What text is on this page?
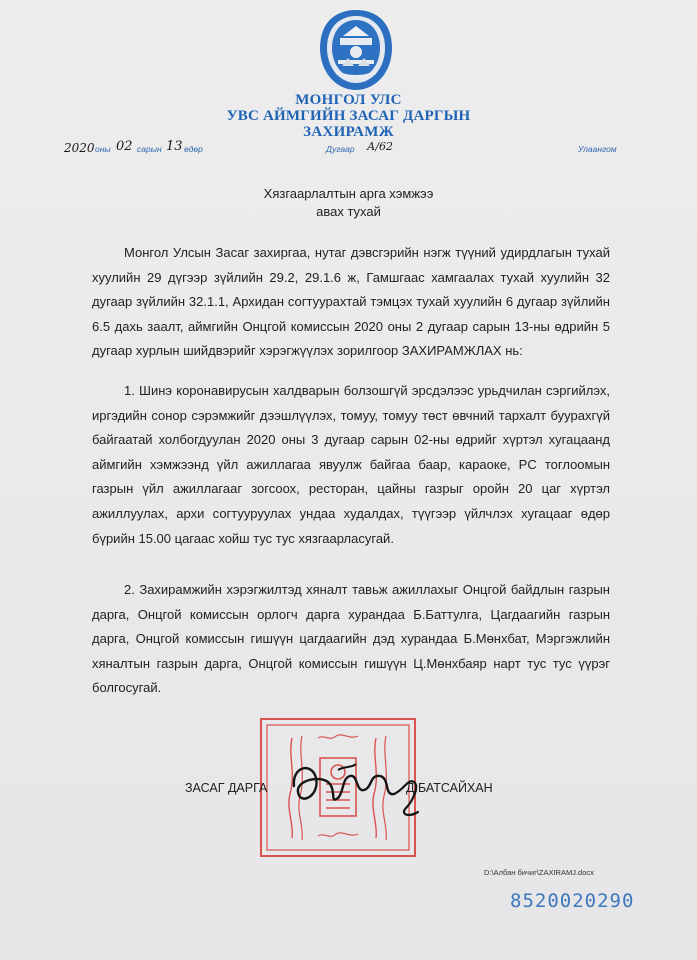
МОНГОЛ УЛС
УВС АЙМГИЙН ЗАСАГ ДАРГЫН
ЗАХИРАМЖ
2020 оны 02 сарын 13 өдөр	Дугаар А/62	Улаангом
Хязгаарлалтын арга хэмжээ
авах тухай
Монгол Улсын Засаг захиргаа, нутаг дэвсгэрийн нэгж түүний удирдлагын тухай хуулийн 29 дүгээр зүйлийн 29.2, 29.1.6 ж, Гамшгаас хамгаалах тухай хуулийн 32 дугаар зүйлийн 32.1.1, Архидан согтуурахтай тэмцэх тухай хуулийн 6 дугаар зүйлийн 6.5 дахь заалт, аймгийн Онцгой комиссын 2020 оны 2 дугаар сарын 13-ны өдрийн 5 дугаар хурлын шийдвэрийг хэрэгжүүлэх зорилгоор ЗАХИРАМЖЛАХ нь:
1. Шинэ коронавирусын халдварын болзошгүй эрсдэлээс урьдчилан сэргийлэх, иргэдийн сонор сэрэмжийг дээшлүүлэх, томуу, томуу төст өвчний тархалт буурахгүй байгаатай холбогдуулан 2020 оны 3 дугаар сарын 02-ны өдрийг хүртэл хугацаанд аймгийн хэмжээнд үйл ажиллагаа явуулж байгаа баар, караоке, PC тоглоомын газрын үйл ажиллагааг зогсоох, ресторан, цайны газрыг оройн 20 цаг хүртэл ажиллуулах, архи согтууруулах ундаа худалдах, түүгээр үйлчлэх хугацааг өдөр бүрийн 15.00 цагаас хойш тус тус хязгаарласугай.
2. Захирамжийн хэрэгжилтэд хяналт тавьж ажиллахыг Онцгой байдлын газрын дарга, Онцгой комиссын орлогч дарга хурандаа Б.Баттулга, Цагдаагийн газрын дарга, Онцгой комиссын гишүүн цагдаагийн дэд хурандаа Б.Мөнхбат, Мэргэжлийн хяналтын газрын дарга, Онцгой комиссын гишүүн Ц.Мөнхбаяр нарт тус тус үүрэг болгосугай.
ЗАСАГ ДАРГА	Д.БАТСАЙХАН
D:\Албан бичиг\ZAXIRAMJ.docx
8520020290
